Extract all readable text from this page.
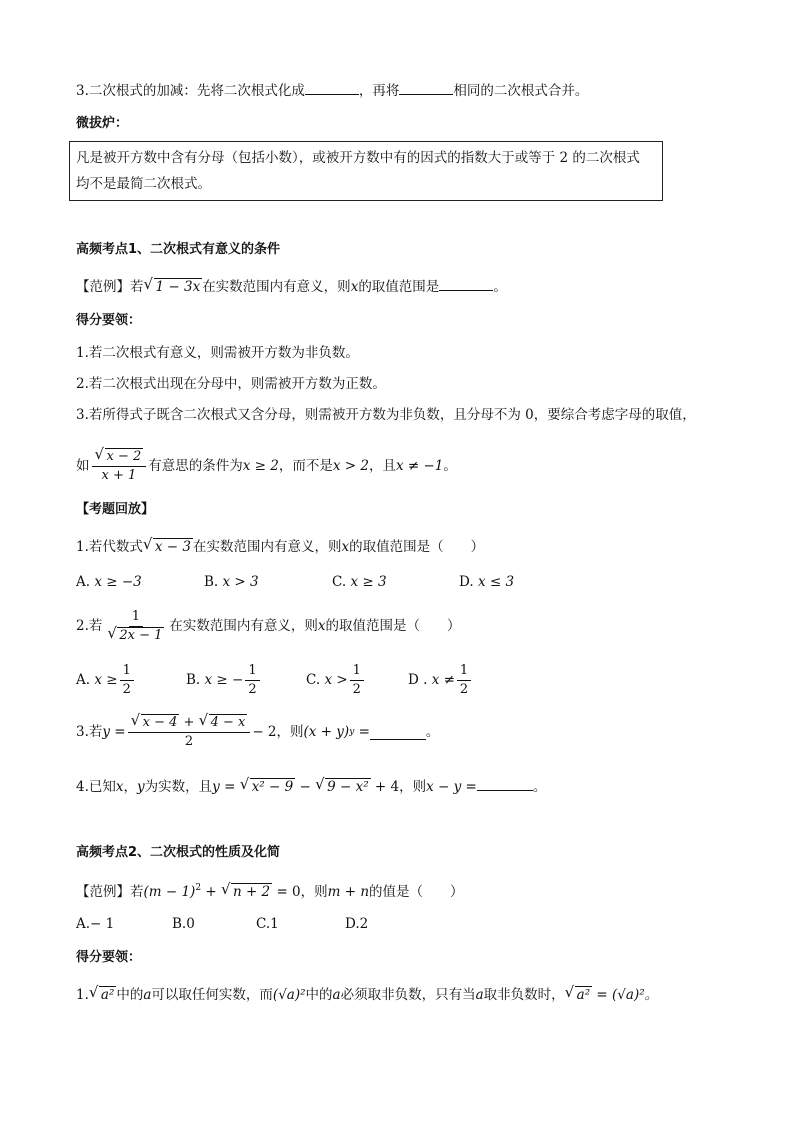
3.二次根式的加减：先将二次根式化成	，再将	相同的二次根式合并。
微拔炉：
凡是被开方数中含有分母（包括小数），或被开方数中有的因式的指数大于或等于 2 的二次根式
均不是最简二次根式。
高频考点1、二次根式有意义的条件
【范例】若 √ 1 − 3x 在实数范围内有意义，则x的取值范围是	。
得分要领：
1.若二次根式有意义，则需被开方数为非负数。
2.若二次根式出现在分母中，则需被开方数为正数。
3.若所得式子既含二次根式又含分母，则需被开方数为非负数，且分母不为 0，要综合考虑字母的取值，
如 $\frac{√ x - 2}{x + 1}$ 有意思的条件为 x ≥ 2 ，而不是 x > 2 ，且 x ≠ −1 。
【考题回放】
1.若代数式 √ x − 3 在实数范围内有意义，则x的取值范围是（　　）
A. x ≥ −3	B. x > 3	C. x ≥ 3	D. x ≤ 3
2.若 $\frac{1}{√ 2x - 1}$ 在实数范围内有意义，则 x 的取值范围是（　　）
A.
$x \ge \frac{1}{2}$	B.
x ≥ − $\frac{1}{2}$	C.
$x > \frac{1}{2}$	D .
$x \ne \frac{1}{2}$
3.若 $y = \frac{√ x - 4 + √ 4 - x}{2} - 2$，则 (x + y) y
=	。
4.已知x，y为实数，且y = √ x² − 9 − √ 9 − x² + 4，则x − y =	。
高频考点2、二次根式的性质及化简
【范例】若$(m - 1)^2$ + √ n + 2 = 0，则m + n的值是（　　）
A.− 1	B.0	C.1	D.2
得分要领：
1. √ a² 中的a可以取任何实数，而(√a)²中的a必须取非负数，只有当a取非负数时， √ a² = (√a)²。
